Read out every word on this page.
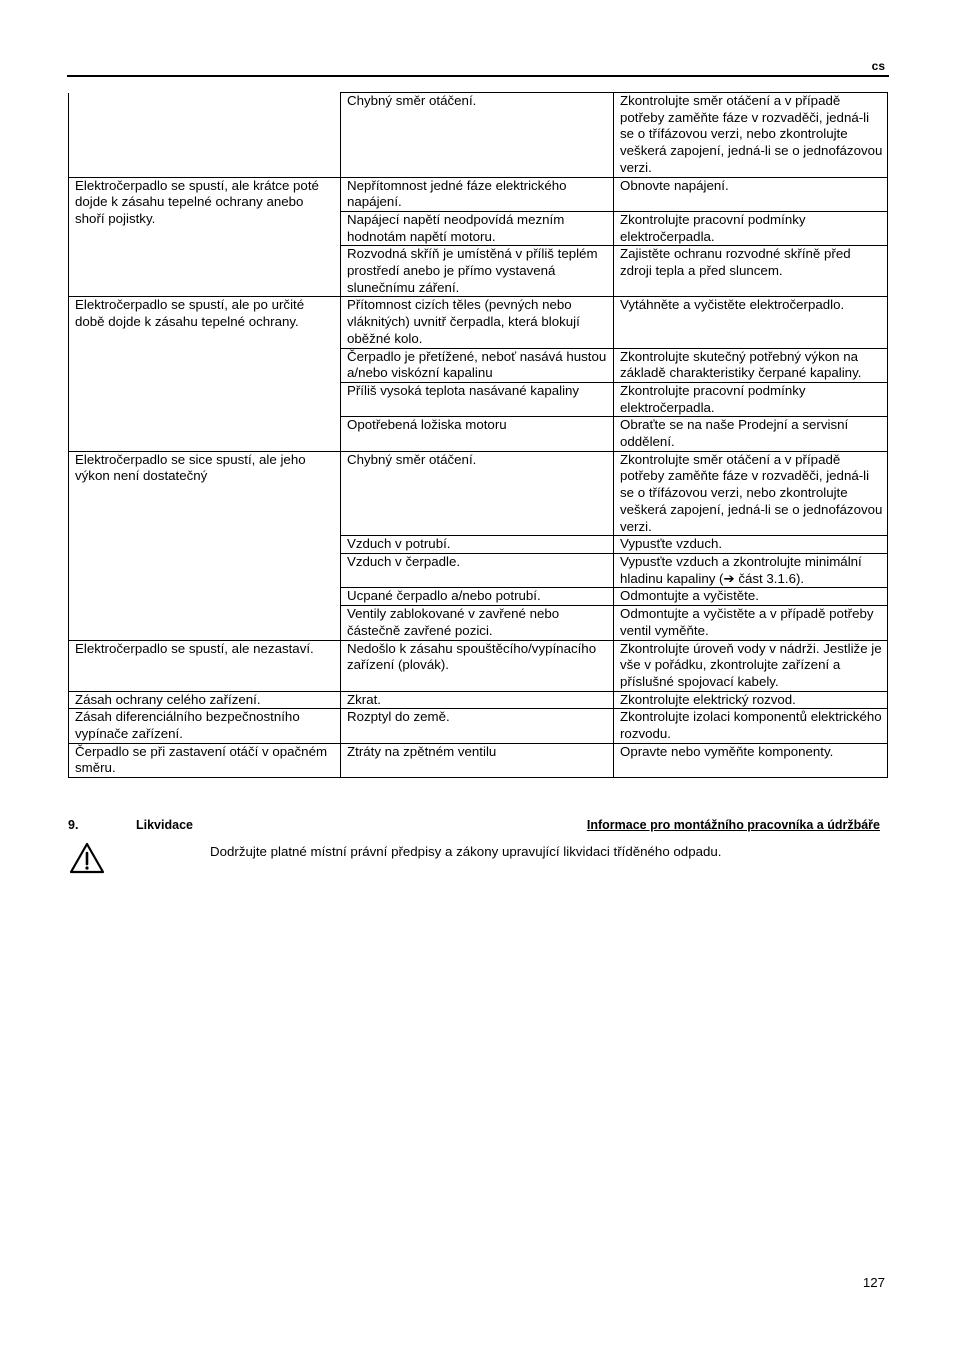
cs
	Chybný směr otáčení.	Zkontrolujte směr otáčení a v případě potřeby zaměňte fáze v rozvaděči, jedná-li se o třífázovou verzi, nebo zkontrolujte veškerá zapojení, jedná-li se o jednofázovou verzi.
Elektročerpadlo se spustí, ale krátce poté dojde k zásahu tepelné ochrany anebo shoří pojistky.	Nepřítomnost jedné fáze elektrického napájení.	Obnovte napájení.
	Napájecí napětí neodpovídá mezním hodnotám napětí motoru.	Zkontrolujte pracovní podmínky elektročerpadla.
	Rozvodná skříň je umístěná v příliš teplém prostředí anebo je přímo vystavená slunečnímu záření.	Zajistěte ochranu rozvodné skříně před zdroji tepla a před sluncem.
Elektročerpadlo se spustí, ale po určité době dojde k zásahu tepelné ochrany.	Přítomnost cizích těles (pevných nebo vláknitých) uvnitř čerpadla, která blokují oběžné kolo.	Vytáhněte a vyčistěte elektročerpadlo.
	Čerpadlo je přetížené, neboť nasává hustou a/nebo viskózní kapalinu	Zkontrolujte skutečný potřebný výkon na základě charakteristiky čerpané kapaliny.
	Příliš vysoká teplota nasávané kapaliny	Zkontrolujte pracovní podmínky elektročerpadla.
	Opotřebená ložiska motoru	Obraťte se na naše Prodejní a servisní oddělení.
Elektročerpadlo se sice spustí, ale jeho výkon není dostatečný	Chybný směr otáčení.	Zkontrolujte směr otáčení a v případě potřeby zaměňte fáze v rozvaděči, jedná-li se o třífázovou verzi, nebo zkontrolujte veškerá zapojení, jedná-li se o jednofázovou verzi.
	Vzduch v potrubí.	Vypusťte vzduch.
	Vzduch v čerpadle.	Vypusťte vzduch a zkontrolujte minimální hladinu kapaliny (➔ část 3.1.6).
	Ucpané čerpadlo a/nebo potrubí.	Odmontujte a vyčistěte.
	Ventily zablokované v zavřené nebo částečně zavřené pozici.	Odmontujte a vyčistěte a v případě potřeby ventil vyměňte.
Elektročerpadlo se spustí, ale nezastaví.	Nedošlo k zásahu spouštěcího/vypínacího zařízení (plovák).	Zkontrolujte úroveň vody v nádrži. Jestliže je vše v pořádku, zkontrolujte zařízení a příslušné spojovací kabely.
Zásah ochrany celého zařízení.	Zkrat.	Zkontrolujte elektrický rozvod.
Zásah diferenciálního bezpečnostního vypínače zařízení.	Rozptyl do země.	Zkontrolujte izolaci komponentů elektrického rozvodu.
Čerpadlo se při zastavení otáčí v opačném směru.	Ztráty na zpětném ventilu	Opravte nebo vyměňte komponenty.
9.	Likvidace	Informace pro montážního pracovníka a údržbáře
Dodržujte platné místní právní předpisy a zákony upravující likvidaci tříděného odpadu.
127
